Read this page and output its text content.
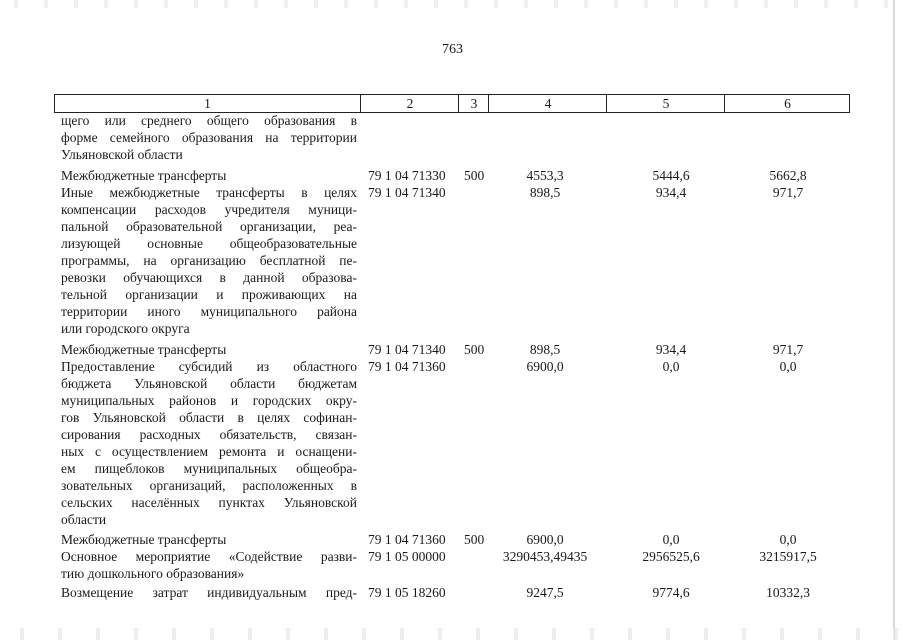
763
1	2	3	4	5	6
щего или среднего общего образования в
форме семейного образования на территории
Ульяновской области
Межбюджетные трансферты	79 1 04 71330 500	4553,3	5444,6	5662,8
Иные межбюджетные трансферты в целях
компенсации расходов учредителя муници-
пальной образовательной организации, реа-
лизующей основные общеобразовательные
программы, на организацию бесплатной пе-
ревозки обучающихся в данной образова-
тельной организации и проживающих на
территории иного муниципального района
или городского округа
79 1 04 71340	898,5	934,4	971,7
Межбюджетные трансферты	79 1 04 71340 500	898,5	934,4	971,7
Предоставление субсидий из областного
бюджета Ульяновской области бюджетам
муниципальных районов и городских окру-
гов Ульяновской области в целях софинан-
сирования расходных обязательств, связан-
ных с осуществлением ремонта и оснащени-
ем пищеблоков муниципальных общеобра-
зовательных организаций, расположенных в
сельских населённых пунктах Ульяновской
области
79 1 04 71360	6900,0	0,0	0,0
Межбюджетные трансферты	79 1 04 71360 500	6900,0	0,0	0,0
Основное мероприятие «Содействие разви-
тию дошкольного образования»
79 1 05 00000	3290453,49435	2956525,6	3215917,5
Возмещение затрат индивидуальным пред- 79 1 05 18260	9247,5	9774,6	10332,3
